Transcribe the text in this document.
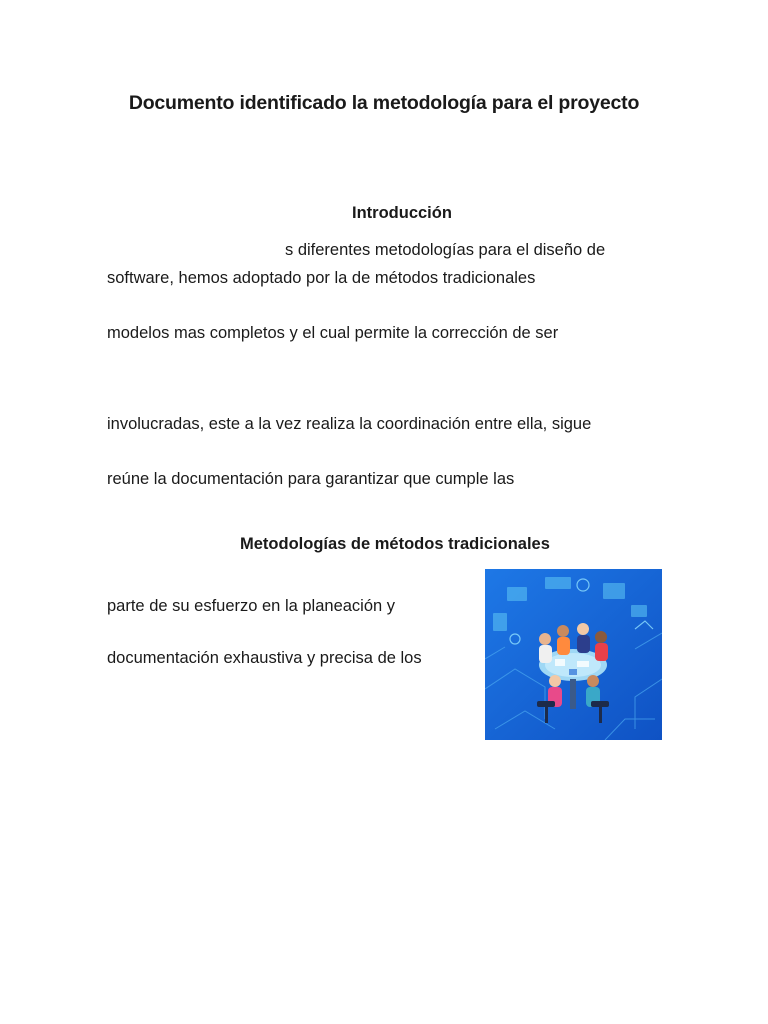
Documento identificado la metodología para el proyecto
Introducción
s diferentes metodologías para el diseño de
software, hemos adoptado por la de métodos tradicionales
modelos mas completos y el cual permite la corrección de ser
involucradas, este a la vez realiza la coordinación entre ella, sigue
reúne la documentación para garantizar que cumple las
Metodologías de métodos tradicionales
parte de su esfuerzo en la planeación y
documentación exhaustiva y precisa de los
